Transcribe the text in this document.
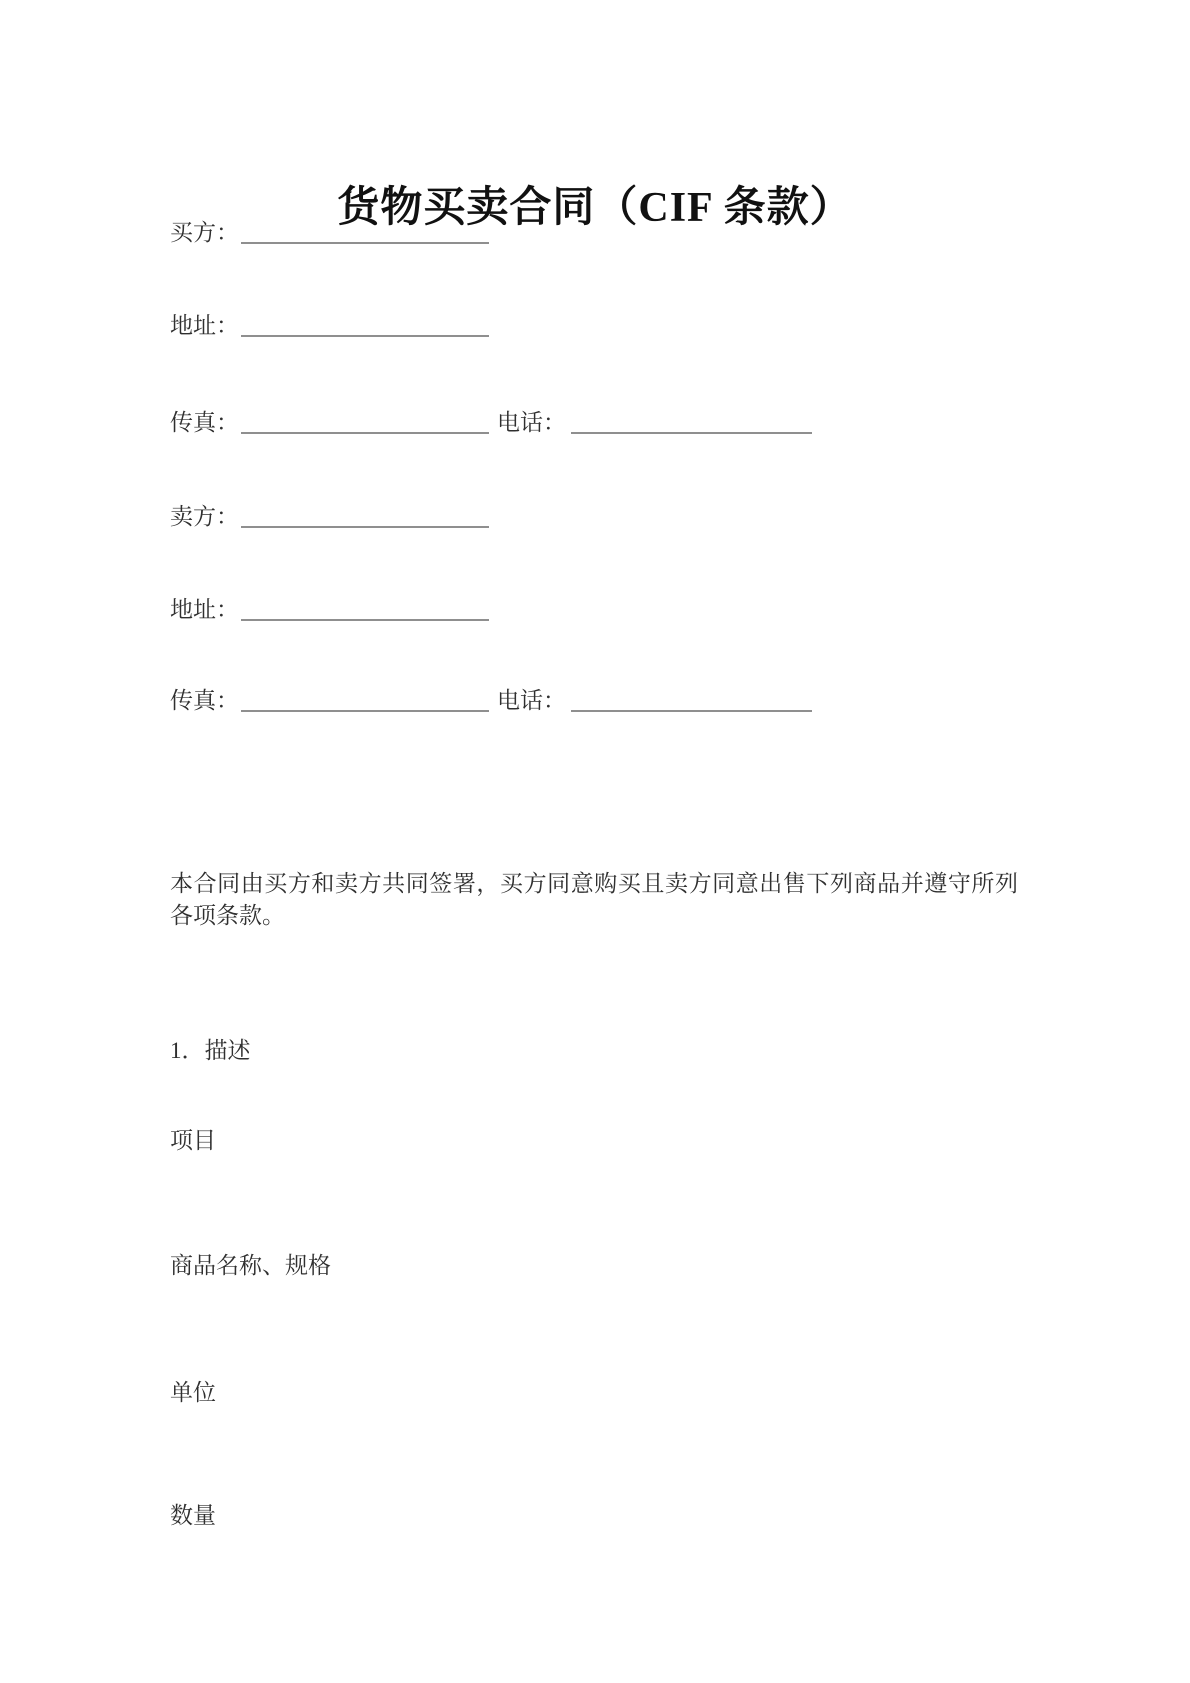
货物买卖合同（CIF 条款）
买方：
地址：
传真：	电话：
卖方：
地址：
传真：	电话：

本合同由买方和卖方共同签署，买方同意购买且卖方同意出售下列商品并遵守所列各项条款。

1．描述
项目
商品名称、规格
单位
数量
